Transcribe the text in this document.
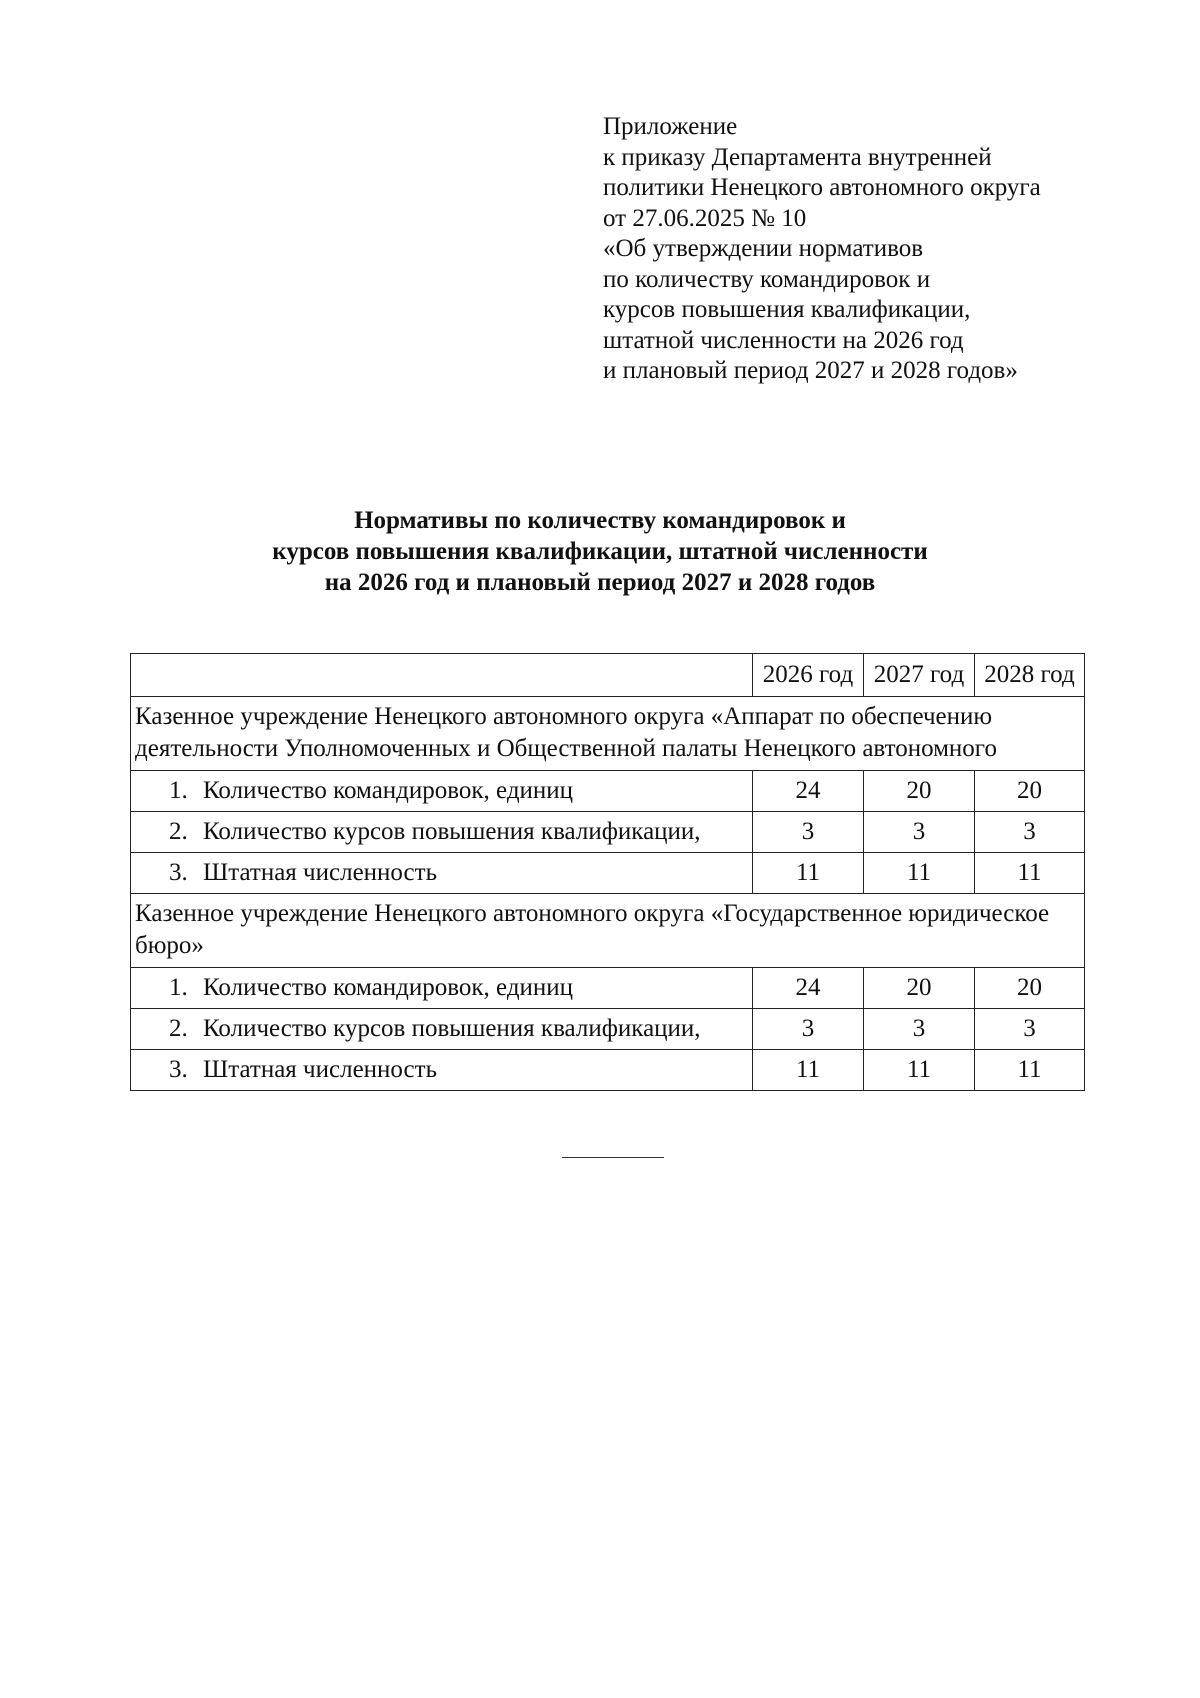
Приложение
к приказу Департамента внутренней
политики Ненецкого автономного округа
от 27.06.2025 № 10
«Об утверждении нормативов
по количеству командировок и
курсов повышения квалификации,
штатной численности на 2026 год
и плановый период 2027 и 2028 годов»
Нормативы по количеству командировок и
курсов повышения квалификации, штатной численности
на 2026 год и плановый период 2027 и 2028 годов
	2026 год	2027 год	2028 год

Казенное учреждение Ненецкого автономного округа «Аппарат по обеспечению деятельности Уполномоченных и Общественной палаты Ненецкого автономного			

1. Количество командировок, единиц	24	20	20
2. Количество курсов повышения квалификации,	3	3	3
3. Штатная численность	11	11	11

Казенное учреждение Ненецкого автономного округа «Государственное юридическое бюро»			

1. Количество командировок, единиц	24	20	20
2. Количество курсов повышения квалификации,	3	3	3
3. Штатная численность	11	11	11
